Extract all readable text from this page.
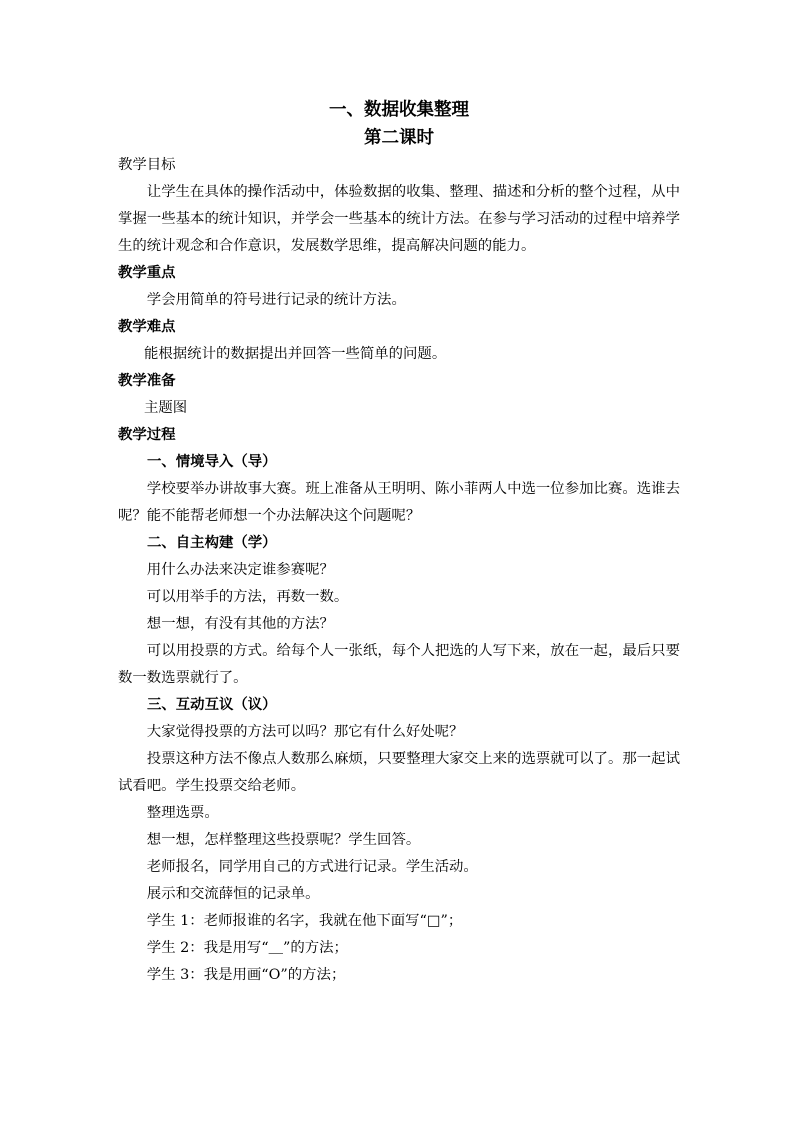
一、数据收集整理
第二课时
教学目标

让学生在具体的操作活动中，体验数据的收集、整理、描述和分析的整个过程，从中掌握一些基本的统计知识，并学会一些基本的统计方法。在参与学习活动的过程中培养学生的统计观念和合作意识，发展数学思维，提高解决问题的能力。

教学重点

学会用简单的符号进行记录的统计方法。

教学难点

能根据统计的数据提出并回答一些简单的问题。

教学准备

主题图

教学过程
一、情境导入（导）

学校要举办讲故事大赛。班上准备从王明明、陈小菲两人中选一位参加比赛。选谁去呢？能不能帮老师想一个办法解决这个问题呢？

二、自主构建（学）

用什么办法来决定谁参赛呢？

可以用举手的方法，再数一数。

想一想，有没有其他的方法？

可以用投票的方式。给每个人一张纸，每个人把选的人写下来，放在一起，最后只要数一数选票就行了。

三、互动互议（议）

大家觉得投票的方法可以吗？那它有什么好处呢？

投票这种方法不像点人数那么麻烦，只要整理大家交上来的选票就可以了。那一起试试看吧。学生投票交给老师。

整理选票。

想一想，怎样整理这些投票呢？学生回答。

老师报名，同学用自己的方式进行记录。学生活动。

展示和交流薛恒的记录单。

学生 1：老师报谁的名字，我就在他下面写“□”；

学生 2：我是用写“＿”的方法；

学生 3：我是用画“O”的方法；
